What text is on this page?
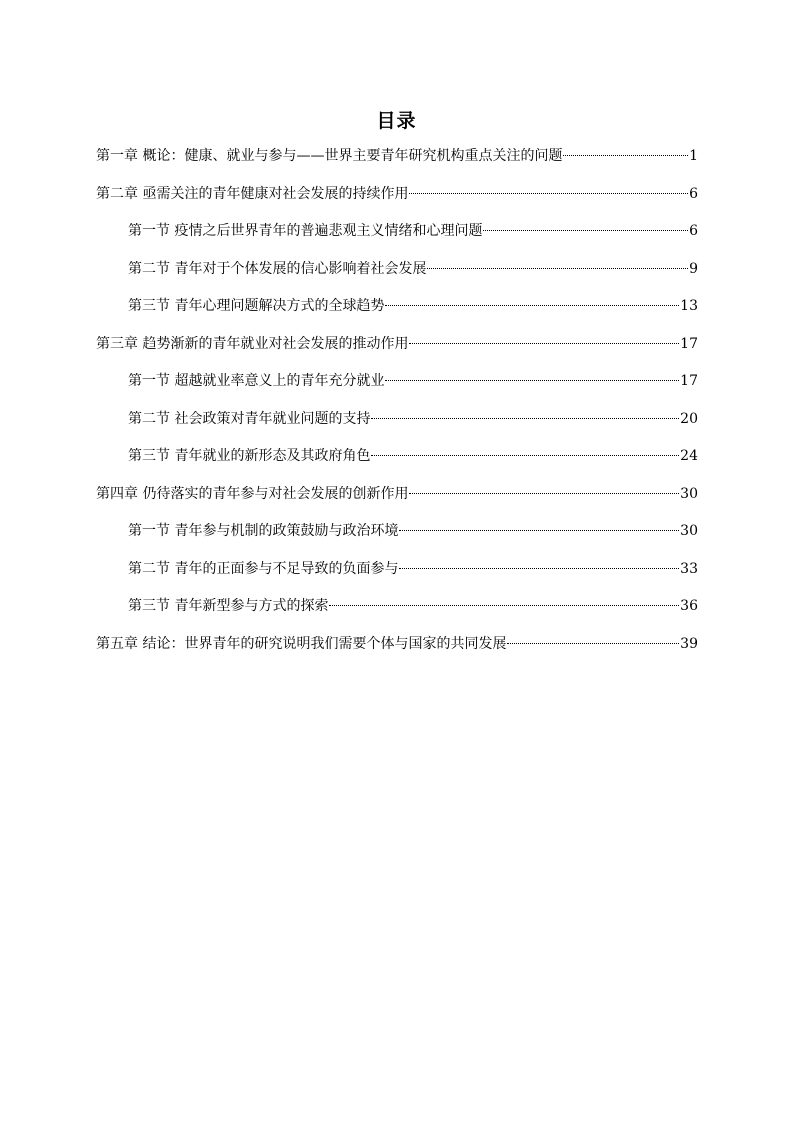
目录
第一章 概论：健康、就业与参与——世界主要青年研究机构重点关注的问题	1
第二章 亟需关注的青年健康对社会发展的持续作用	6
第一节 疫情之后世界青年的普遍悲观主义情绪和心理问题	6
第二节 青年对于个体发展的信心影响着社会发展	9
第三节 青年心理问题解决方式的全球趋势	13
第三章 趋势渐新的青年就业对社会发展的推动作用	17
第一节 超越就业率意义上的青年充分就业	17
第二节 社会政策对青年就业问题的支持	20
第三节 青年就业的新形态及其政府角色	24
第四章 仍待落实的青年参与对社会发展的创新作用	30
第一节 青年参与机制的政策鼓励与政治环境	30
第二节 青年的正面参与不足导致的负面参与	33
第三节 青年新型参与方式的探索	36
第五章 结论：世界青年的研究说明我们需要个体与国家的共同发展	39
